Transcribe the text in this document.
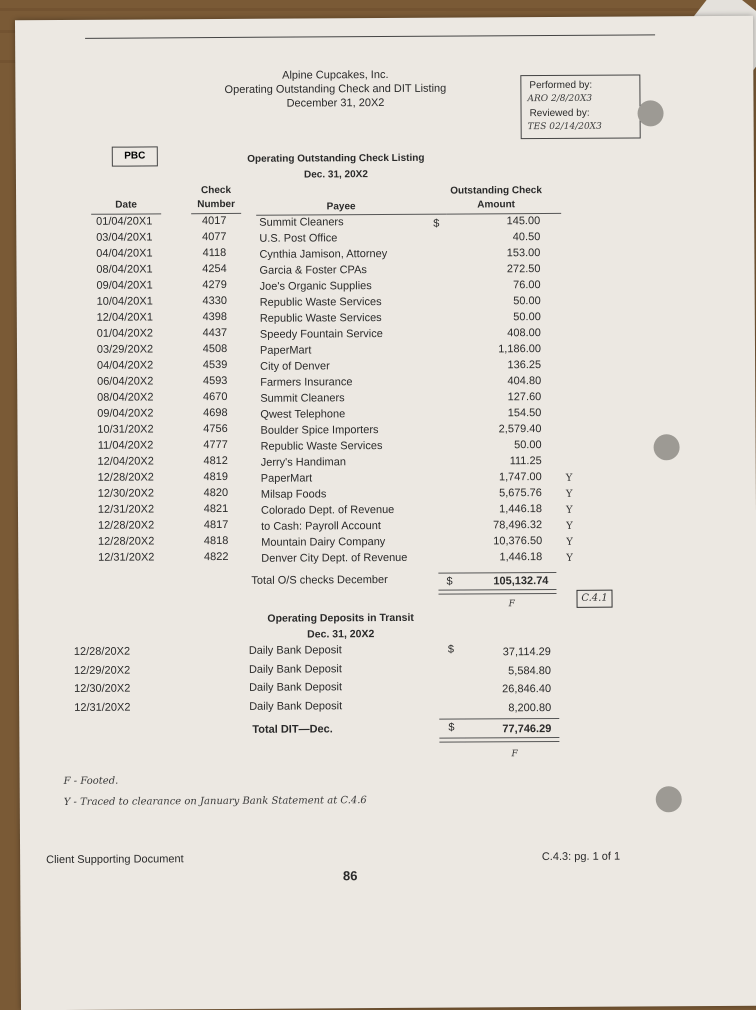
Alpine Cupcakes, Inc.
Operating Outstanding Check and DIT Listing
December 31, 20X2
Performed by:
ARO 2/8/20X3
Reviewed by:
TES 02/14/20X3
PBC	Operating Outstanding Check Listing
Dec. 31, 20X2
Check
Number
Date	Payee
Outstanding Check
Amount
$
01/04/20X1	4017	Summit Cleaners	145.00
03/04/20X1	4077	U.S. Post Office	40.50
04/04/20X1	4118	Cynthia Jamison, Attorney	153.00
08/04/20X1	4254	Garcia & Foster CPAs	272.50
09/04/20X1	4279	Joe's Organic Supplies	76.00
10/04/20X1	4330	Republic Waste Services	50.00
12/04/20X1	4398	Republic Waste Services	50.00
01/04/20X2	4437	Speedy Fountain Service	408.00
03/29/20X2	4508	PaperMart	1,186.00
04/04/20X2	4539	City of Denver	136.25
06/04/20X2	4593	Farmers Insurance	404.80
08/04/20X2	4670	Summit Cleaners	127.60
09/04/20X2	4698	Qwest Telephone	154.50
10/31/20X2	4756	Boulder Spice Importers	2,579.40
11/04/20X2	4777	Republic Waste Services	50.00
12/04/20X2	4812	Jerry's Handiman	111.25
12/28/20X2	4819	PaperMart	1,747.00 Y
12/30/20X2	4820	Milsap Foods	5,675.76 Y
12/31/20X2	4821	Colorado Dept. of Revenue	1,446.18 Y
12/28/20X2	4817	to Cash: Payroll Account	78,496.32 Y
12/28/20X2	4818	Mountain Dairy Company	10,376.50 Y
12/31/20X2	4822	Denver City Dept. of Revenue	1,446.18 Y
Total O/S checks December	$	105,132.74
C.4.1
F
Operating Deposits in Transit
Dec. 31, 20X2
12/28/20X2	Daily Bank Deposit	$	37,114.29
12/29/20X2	Daily Bank Deposit	5,584.80
12/30/20X2	Daily Bank Deposit	26,846.40
12/31/20X2	Daily Bank Deposit	8,200.80
Total DIT—Dec.	$	77,746.29
F
F - Footed.
Y - Traced to clearance on January Bank Statement at C.4.6
Client Supporting Document	C.4.3: pg. 1 of 1
86
